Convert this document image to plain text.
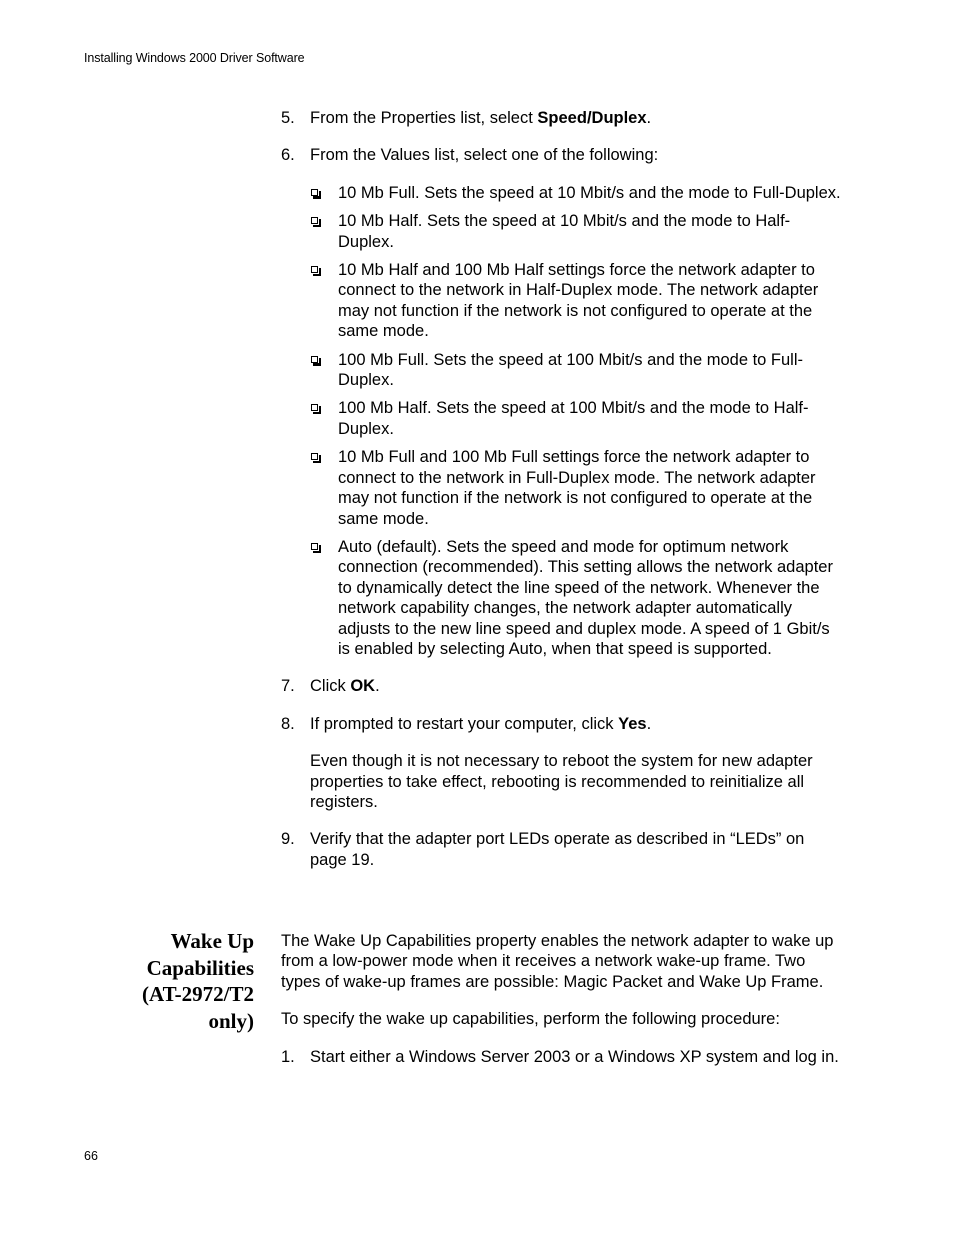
Installing Windows 2000 Driver Software
5. From the Properties list, select Speed/Duplex.

6. From the Values list, select one of the following:

10 Mb Full. Sets the speed at 10 Mbit/s and the mode to Full-Duplex.
10 Mb Half. Sets the speed at 10 Mbit/s and the mode to Half-Duplex.
10 Mb Half and 100 Mb Half settings force the network adapter to connect to the network in Half-Duplex mode. The network adapter may not function if the network is not configured to operate at the same mode.
100 Mb Full. Sets the speed at 100 Mbit/s and the mode to Full-Duplex.
100 Mb Half. Sets the speed at 100 Mbit/s and the mode to Half-Duplex.
10 Mb Full and 100 Mb Full settings force the network adapter to connect to the network in Full-Duplex mode. The network adapter may not function if the network is not configured to operate at the same mode.
Auto (default). Sets the speed and mode for optimum network connection (recommended). This setting allows the network adapter to dynamically detect the line speed of the network. Whenever the network capability changes, the network adapter automatically adjusts to the new line speed and duplex mode. A speed of 1 Gbit/s is enabled by selecting Auto, when that speed is supported.
7. Click OK.

8. If prompted to restart your computer, click Yes.

Even though it is not necessary to reboot the system for new adapter properties to take effect, rebooting is recommended to reinitialize all registers.

9. Verify that the adapter port LEDs operate as described in “LEDs” on page 19.

Wake Up
Capabilities
(AT-2972/T2
only)

The Wake Up Capabilities property enables the network adapter to wake up from a low-power mode when it receives a network wake-up frame. Two types of wake-up frames are possible: Magic Packet and Wake Up Frame.

To specify the wake up capabilities, perform the following procedure:

1. Start either a Windows Server 2003 or a Windows XP system and log in.

66
